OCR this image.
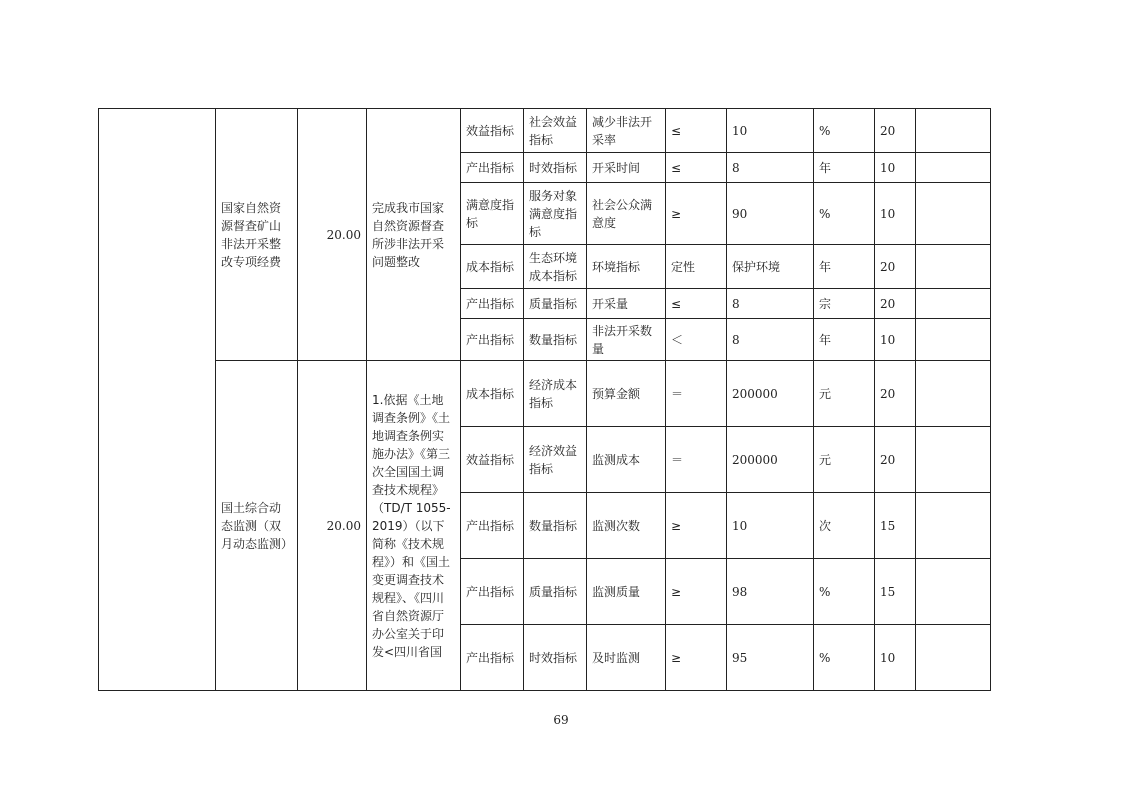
	国家自然资源督查矿山非法开采整改专项经费	20.00	完成我市国家自然资源督查所涉非法开采问题整改	效益指标	社会效益指标	减少非法开采率	≤	10	%	20	
				产出指标	时效指标	开采时间	≤	8	年	10	
				满意度指标	服务对象满意度指标	社会公众满意度	≥	90	%	10	
				成本指标	生态环境成本指标	环境指标	定性	保护环境	年	20	
				产出指标	质量指标	开采量	≤	8	宗	20	
				产出指标	数量指标	非法开采数量	＜	8	年	10	
	国土综合动态监测（双月动态监测）	20.00	1.依据《土地调查条例》《土地调查条例实施办法》《第三次全国国土调查技术规程》（TD/T 1055-2019）（以下简称《技术规程》）和《国土变更调查技术规程》、《四川省自然资源厅办公室关于印发<四川省国	成本指标	经济成本指标	预算金额	＝	200000	元	20	
				效益指标	经济效益指标	监测成本	＝	200000	元	20	
				产出指标	数量指标	监测次数	≥	10	次	15	
				产出指标	质量指标	监测质量	≥	98	%	15	
				产出指标	时效指标	及时监测	≥	95	%	10	
69
